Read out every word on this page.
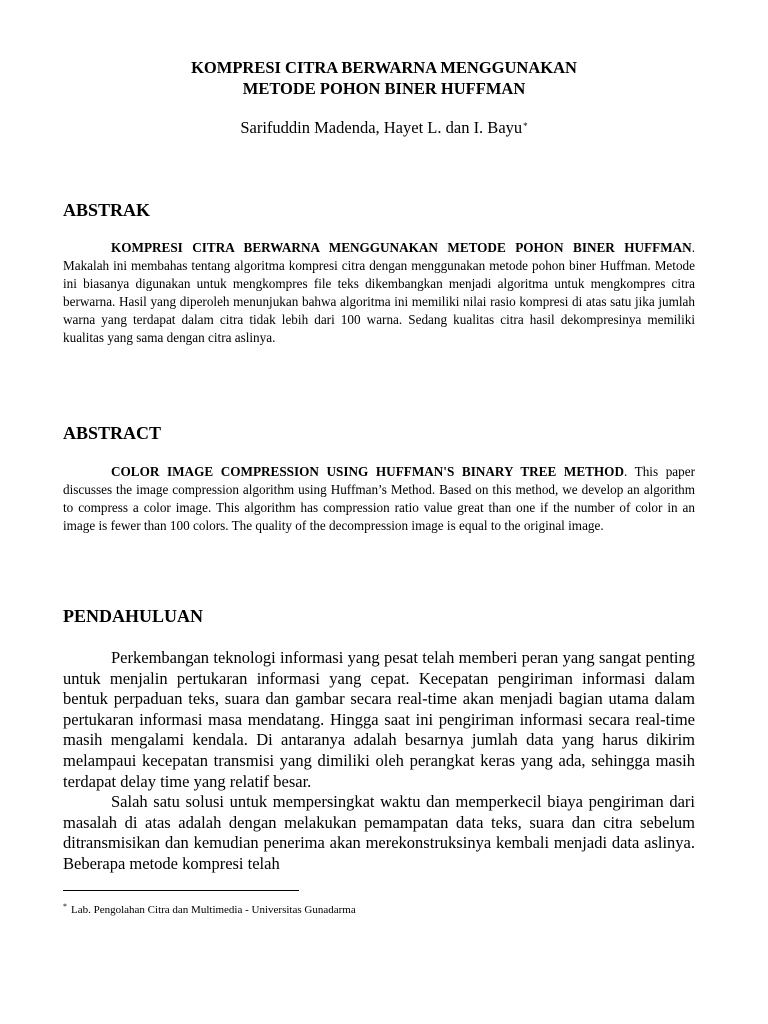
KOMPRESI CITRA BERWARNA MENGGUNAKAN
METODE POHON BINER HUFFMAN
Sarifuddin Madenda, Hayet L. dan I. Bayu*
ABSTRAK

KOMPRESI CITRA BERWARNA MENGGUNAKAN METODE POHON BINER HUFFMAN. Makalah ini membahas tentang algoritma kompresi citra dengan menggunakan metode pohon biner Huffman. Metode ini biasanya digunakan untuk mengkompres file teks dikembangkan menjadi algoritma untuk mengkompres citra berwarna. Hasil yang diperoleh menunjukan bahwa algoritma ini memiliki nilai rasio kompresi di atas satu jika jumlah warna yang terdapat dalam citra tidak lebih dari 100 warna. Sedang kualitas citra hasil dekompresinya memiliki kualitas yang sama dengan citra aslinya.

ABSTRACT

COLOR IMAGE COMPRESSION USING HUFFMAN'S BINARY TREE METHOD. This paper discusses the image compression algorithm using Huffman’s Method. Based on this method, we develop an algorithm to compress a color image. This algorithm has compression ratio value great than one if the number of color in an image is fewer than 100 colors. The quality of the decompression image is equal to the original image.

PENDAHULUAN

Perkembangan teknologi informasi yang pesat telah memberi peran yang sangat penting untuk menjalin pertukaran informasi yang cepat. Kecepatan pengiriman informasi dalam bentuk perpaduan teks, suara dan gambar secara real-time akan menjadi bagian utama dalam pertukaran informasi masa mendatang. Hingga saat ini pengiriman informasi secara real-time masih mengalami kendala. Di antaranya adalah besarnya jumlah data yang harus dikirim melampaui kecepatan transmisi yang dimiliki oleh perangkat keras yang ada, sehingga masih terdapat delay time yang relatif besar.

Salah satu solusi untuk mempersingkat waktu dan memperkecil biaya pengiriman dari masalah di atas adalah dengan melakukan pemampatan data teks, suara dan citra sebelum ditransmisikan dan kemudian penerima akan merekonstruksinya kembali menjadi data aslinya. Beberapa metode kompresi telah

* Lab. Pengolahan Citra dan Multimedia - Universitas Gunadarma
